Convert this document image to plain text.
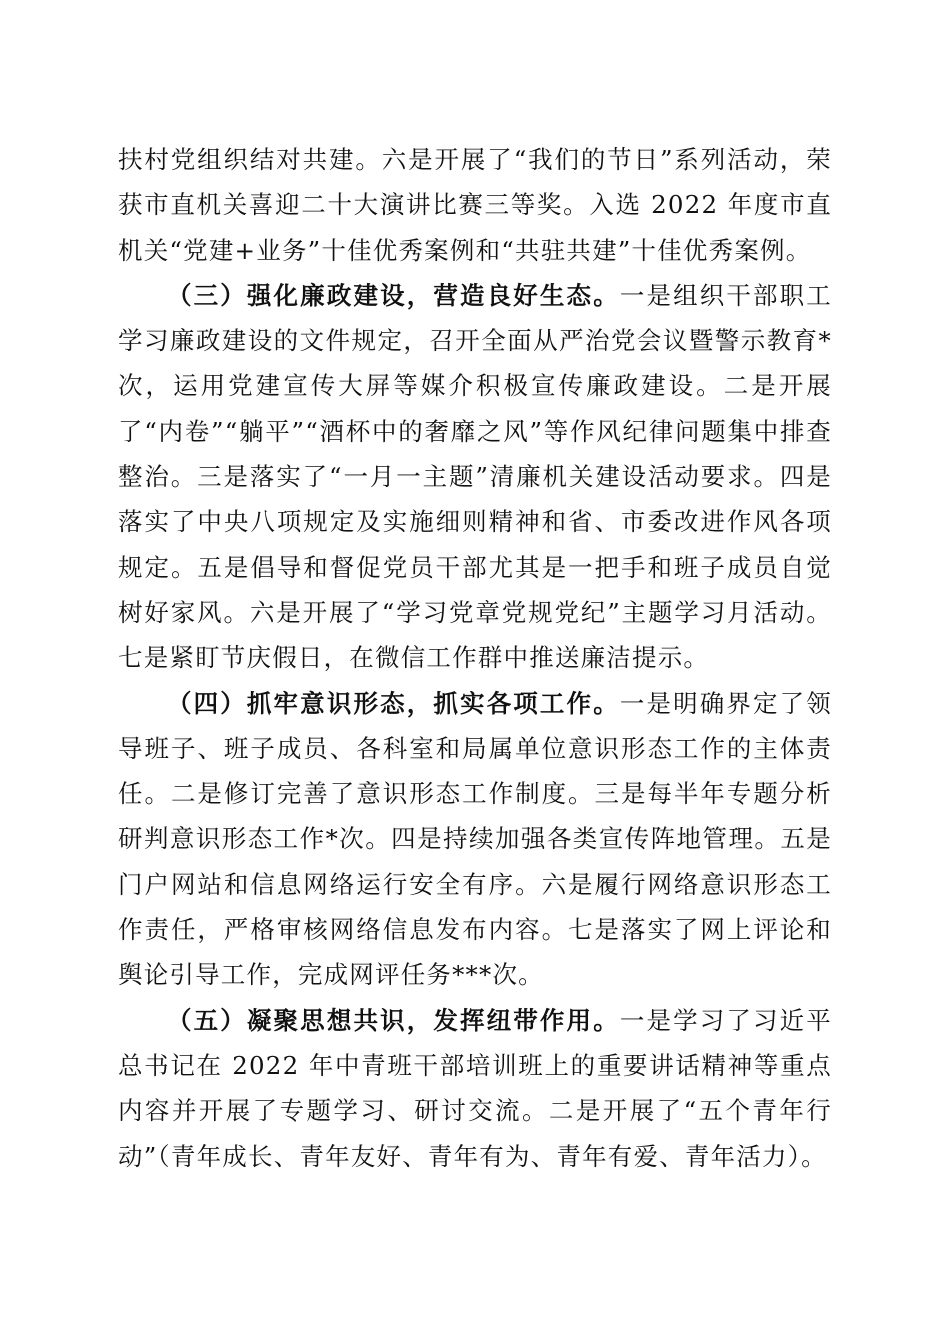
扶村党组织结对共建。六是开展了“我们的节日”系列活动，荣获市直机关喜迎二十大演讲比赛三等奖。入选 2022 年度市直机关“党建+业务”十佳优秀案例和“共驻共建”十佳优秀案例。

（三）强化廉政建设，营造良好生态。一是组织干部职工学习廉政建设的文件规定，召开全面从严治党会议暨警示教育*次，运用党建宣传大屏等媒介积极宣传廉政建设。二是开展了“内卷”“躺平”“酒杯中的奢靡之风”等作风纪律问题集中排查整治。三是落实了“一月一主题”清廉机关建设活动要求。四是落实了中央八项规定及实施细则精神和省、市委改进作风各项规定。五是倡导和督促党员干部尤其是一把手和班子成员自觉树好家风。六是开展了“学习党章党规党纪”主题学习月活动。七是紧盯节庆假日，在微信工作群中推送廉洁提示。

（四）抓牢意识形态，抓实各项工作。一是明确界定了领导班子、班子成员、各科室和局属单位意识形态工作的主体责任。二是修订完善了意识形态工作制度。三是每半年专题分析研判意识形态工作*次。四是持续加强各类宣传阵地管理。五是门户网站和信息网络运行安全有序。六是履行网络意识形态工作责任，严格审核网络信息发布内容。七是落实了网上评论和舆论引导工作，完成网评任务***次。

（五）凝聚思想共识，发挥纽带作用。一是学习了习近平总书记在 2022 年中青班干部培训班上的重要讲话精神等重点内容并开展了专题学习、研讨交流。二是开展了“五个青年行动”（青年成长、青年友好、青年有为、青年有爱、青年活力）。
